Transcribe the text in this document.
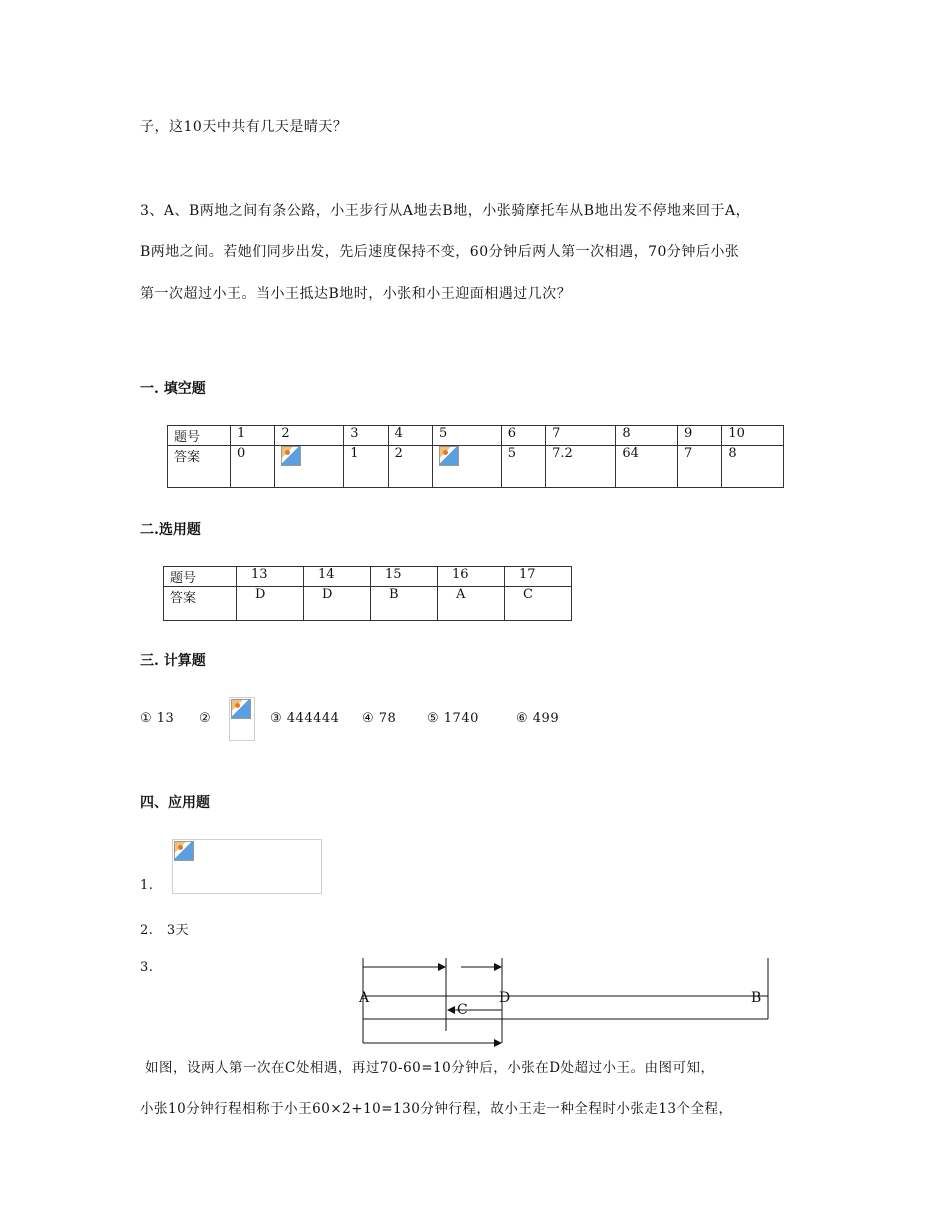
子，这10天中共有几天是晴天？
3、A、B两地之间有条公路，小王步行从A地去B地，小张骑摩托车从B地出发不停地来回于A，
B两地之间。若她们同步出发，先后速度保持不变，60分钟后两人第一次相遇，70分钟后小张
第一次超过小王。当小王抵达B地时，小张和小王迎面相遇过几次？
一. 填空题
题号	1	2	3	4	5	6	7	8	9	10
答案	0		1	2		5	7.2	64	7	8
二.选用题
题号	13	14	15	16	17
答案	D	D	B	A	C
三. 计算题
① 13 ②	③ 444444 ④ 78 ⑤ 1740	⑥ 499
四、应用题
1.
2.　3天
3.
A
C
D	B
如图，设两人第一次在C处相遇，再过70-60=10分钟后，小张在D处超过小王。由图可知，
小张10分钟行程相称于小王60×2+10=130分钟行程，故小王走一种全程时小张走13个全程，
